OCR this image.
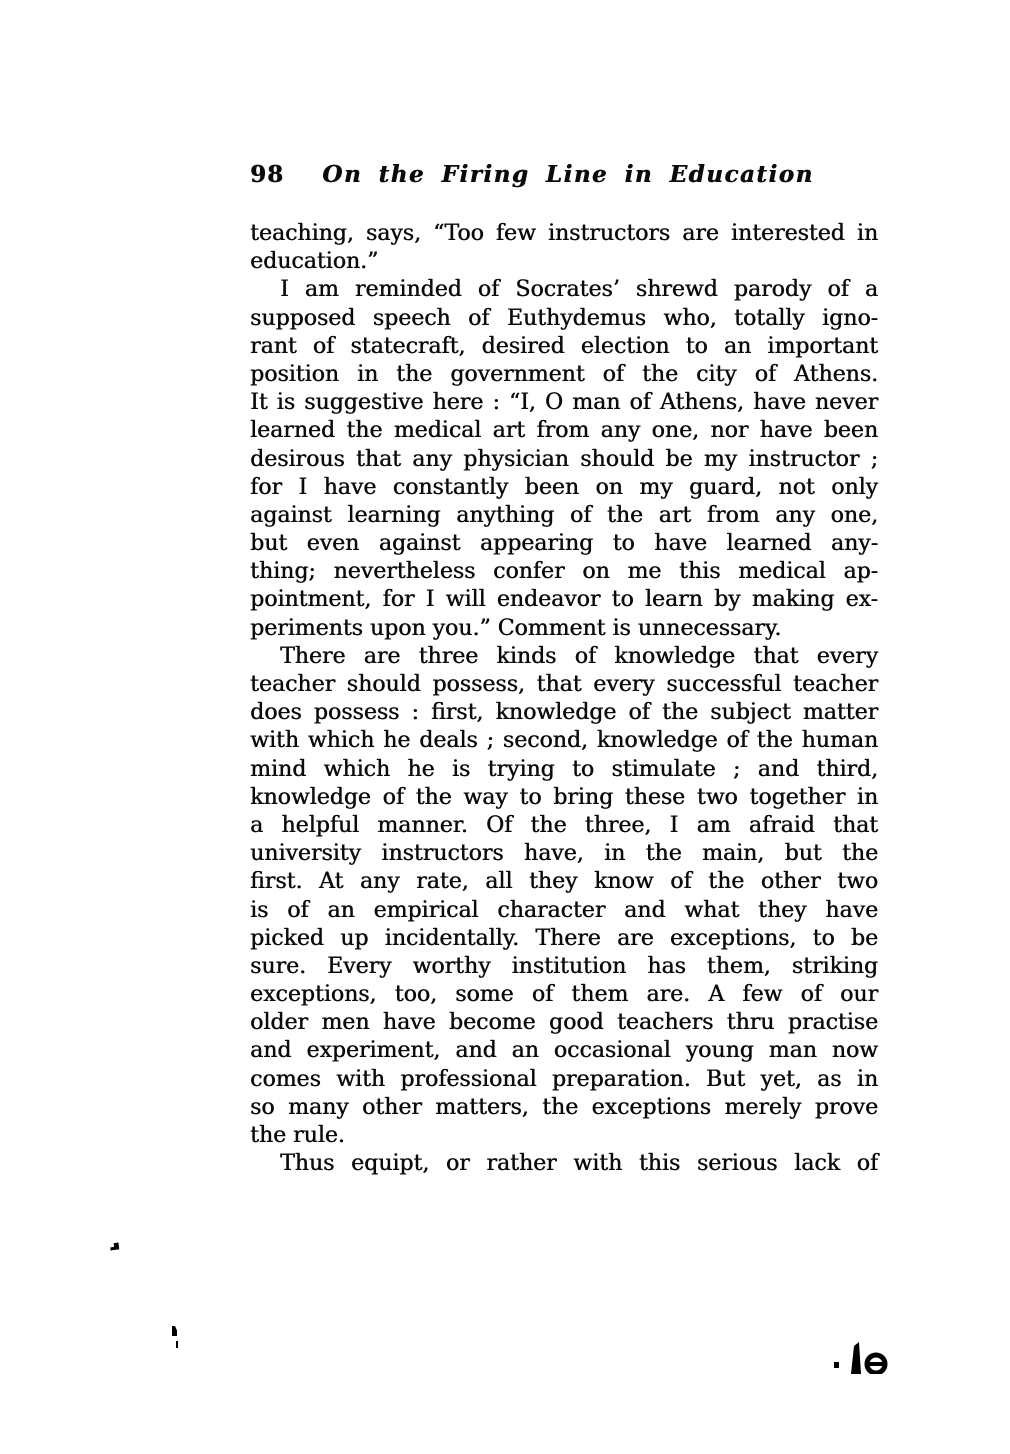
98	On the Firing Line in Education
teaching, says, “Too few instructors are interested in
education.”
I am reminded of Socrates’ shrewd parody of a
supposed speech of Euthydemus who, totally igno-
rant of statecraft, desired election to an important
position in the government of the city of Athens.
It is suggestive here : “I, O man of Athens, have never
learned the medical art from any one, nor have been
desirous that any physician should be my instructor ;
for I have constantly been on my guard, not only
against learning anything of the art from any one,
but even against appearing to have learned any-
thing; nevertheless confer on me this medical ap-
pointment, for I will endeavor to learn by making ex-
periments upon you.” Comment is unnecessary.
There are three kinds of knowledge that every
teacher should possess, that every successful teacher
does possess : first, knowledge of the subject matter
with which he deals ; second, knowledge of the human
mind which he is trying to stimulate ; and third,
knowledge of the way to bring these two together in
a helpful manner. Of the three, I am afraid that
university instructors have, in the main, but the
first. At any rate, all they know of the other two
is of an empirical character and what they have
picked up incidentally. There are exceptions, to be
sure. Every worthy institution has them, striking
exceptions, too, some of them are. A few of our
older men have become good teachers thru practise
and experiment, and an occasional young man now
comes with professional preparation. But yet, as in
so many other matters, the exceptions merely prove
the rule.
Thus equipt, or rather with this serious lack of
